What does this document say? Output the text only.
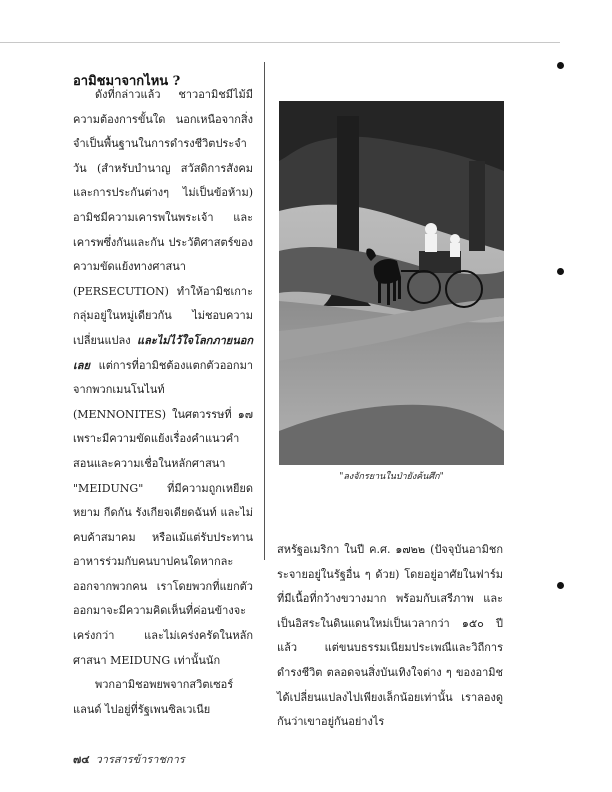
อามิชมาจากไหน ?

ดังที่กล่าวแล้ว ชาวอามิชมีไม้มีความต้องการขั้นใด นอกเหนือจากสิ่งจำเป็นพื้นฐานในการดำรงชีวิตประจำวัน (สำหรับบำนาญ สวัสดิการสังคม และการประกันต่างๆ ไม่เป็นข้อห้าม) อามิชมีความเคารพในพระเจ้า และเคารพซึ่งกันและกัน ประวัติศาสตร์ของความขัดแย้งทางศาสนา (PERSECUTION) ทำให้อามิชเกาะกลุ่มอยู่ในหมู่เดียวกัน ไม่ชอบความเปลี่ยนแปลง และไม่ไว้ใจโลกภายนอกเลย แต่การที่อามิชต้องแตกตัวออกมาจากพวกเมนโนไนท์ (MENNONITES) ในศตวรรษที่ ๑๗ เพราะมีความขัดแย้งเรื่องคำแนวคำสอนและความเชื่อในหลักศาสนา "MEIDUNG" ที่มีความถูกเหยียดหยาม กีดกัน รังเกียจเดียดฉันท์ และไม่คบค้าสมาคม หรือแม้แต่รับประทานอาหารร่วมกับคนบาปคนใดหากละออกจากพวกคน เราโดยพวกที่แยกตัวออกมาจะมีความคิดเห็นที่ค่อนข้างจะเคร่งกว่า และไม่เคร่งครัดในหลักศาสนา MEIDUNG เท่านั้นนัก

พวกอามิชอพยพจากสวิตเซอร์แลนด์ ไปอยู่ที่รัฐเพนซิลเวเนีย

"ลงจักรยานในป่ายังค้นศึก"

สหรัฐอเมริกา ในปี ค.ศ. ๑๗๒๒ (ปัจจุบันอามิชกระจายอยู่ในรัฐอื่น ๆ ด้วย) โดยอยู่อาศัยในฟาร์มที่มีเนื้อที่กว้างขวางมาก พร้อมกับเสรีภาพ และเป็นอิสระในดินแดนใหม่เป็นเวลากว่า ๑๕๐ ปีแล้ว แต่ขนบธรรมเนียมประเพณีและวิถีการดำรงชีวิต ตลอดจนสิ่งบันเทิงใจต่าง ๆ ของอามิชได้เปลี่ยนแปลงไปเพียงเล็กน้อยเท่านั้น เราลองดูกันว่าเขาอยู่กันอย่างไร

๗๔ วารสารข้าราชการ
